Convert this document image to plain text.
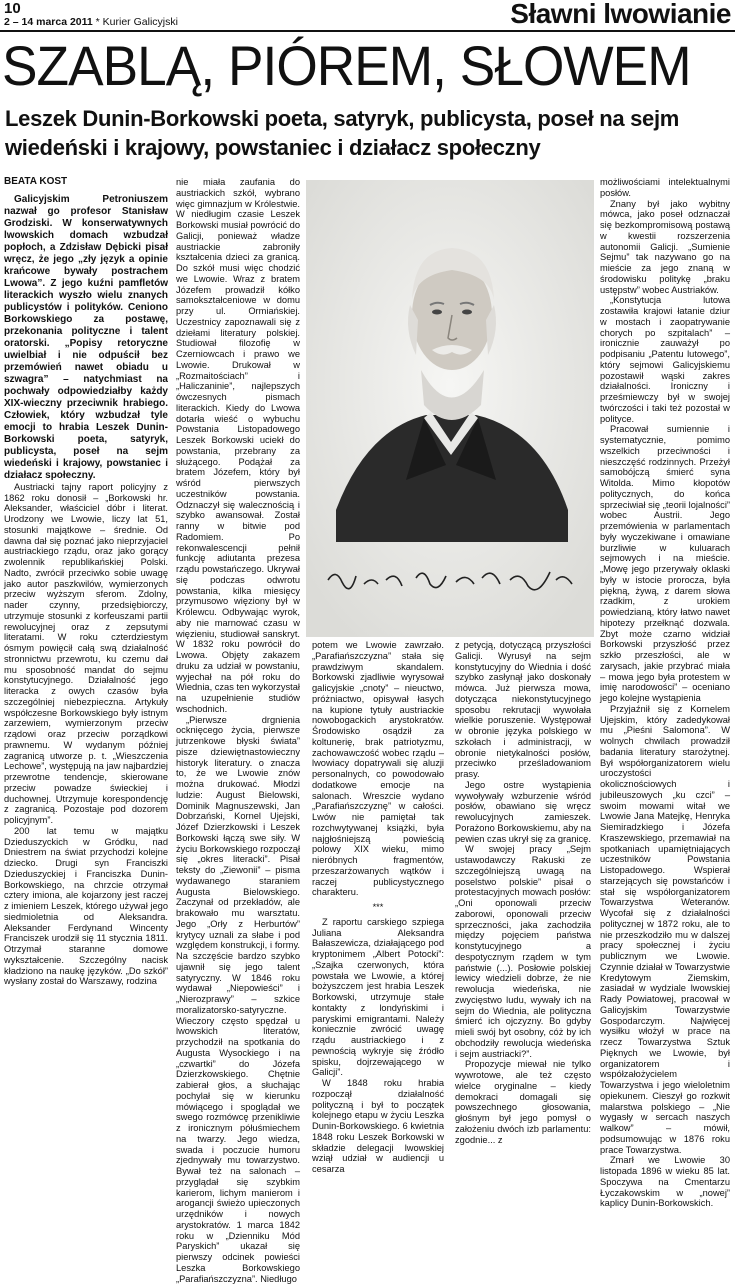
10
2 – 14 marca 2011 * Kurier Galicyjski	Sławni lwowianie
SZABLĄ, PIÓREM, SŁOWEM
Leszek Dunin-Borkowski poeta, satyryk, publicysta, poseł na sejm wiedeński i krajowy, powstaniec i działacz społeczny

BEATA KOST

Galicyjskim Petroniuszem nazwał go profesor Stanisław Grodziski. W konserwatywnych lwowskich domach wzbudzał popłoch, a Zdzisław Dębicki pisał wręcz, że jego „zły język a opinie krańcowe bywały postrachem Lwowa”. Z jego kuźni pamfletów literackich wyszło wielu znanych publicystów i polityków. Ceniono Borkowskiego za postawę, przekonania polityczne i talent oratorski. „Popisy retoryczne uwielbiał i nie odpuścił bez przemówień nawet obiadu u szwagra” – natychmiast na pochwały odpowiedziałby każdy XIX-wieczny przeciwnik hrabiego. Człowiek, który wzbudzał tyle emocji to hrabia Leszek Dunin-Borkowski poeta, satyryk, publicysta, poseł na sejm wiedeński i krajowy, powstaniec i działacz społeczny.

Austriacki tajny raport policyjny z 1862 roku donosił – „Borkowski hr. Aleksander, właściciel dóbr i literat. Urodzony we Lwowie, liczy lat 51, stosunki majątkowe – średnie. Od dawna dał się poznać jako nieprzyjaciel austriackiego rządu, oraz jako gorący zwolennik republikańskiej Polski. Nadto, zwrócił przeciwko sobie uwagę jako autor paszkwilów, wymierzonych przeciw wyższym sferom. Zdolny, nader czynny, przedsiębiorczy, utrzymuje stosunki z korfeuszami partii rewolucyjnej oraz z zepsutymi literatami. W roku czterdziestym ósmym powięcił całą swą działalność stronnictwu przewrotu, ku czemu dał mu sposobność mandat do sejmu konstytucyjnego. Działalność jego literacka z owych czasów była szczególniej niebezpieczna. Artykuły współczesne Borkowskiego były istnym zarzewiem, wymierzonym przeciw rządowi oraz przeciw porządkowi prawnemu. W wydanym później zagranicą utworze p. t. „Wieszczenia Lechowe”, występują na jaw najbardziej przewrotne tendencje, skierowane przeciw powadze świeckiej i duchownej. Utrzymuje korespondencję z zagranicą. Pozostaje pod dozorem policyjnym”.

200 lat temu w majątku Dzieduszyckich w Gródku, nad Dniestrem na świat przychodzi kolejne dziecko. Drugi syn Franciszki Dzieduszyckiej i Franciszka Dunin-Borkowskiego, na chrzcie otrzymał cztery imiona, ale kojarzony jest raczej z imieniem Leszek, którego używał jego siedmioletnia od Aleksandra. Aleksander Ferdynand Wincenty Franciszek urodził się 11 stycznia 1811. Otrzymał staranne domowe wykształcenie. Szczególny nacisk kładziono na naukę języków. „Do szkół” wysłany został do Warszawy, rodzina

nie miała zaufania do austriackich szkół, wybrano więc gimnazjum w Królestwie. W niedługim czasie Leszek Borkowski musiał powrócić do Galicji, ponieważ władze austriackie zabroniły kształcenia dzieci za granicą. Do szkół musi więc chodzić we Lwowie. Wraz z bratem Józefem prowadził kółko samokształceniowe w domu przy ul. Ormiańskiej. Uczestnicy zapoznawali się z dziełami literatury polskiej. Studiował filozofię w Czerniowcach i prawo we Lwowie. Drukował w „Rozmaitościach” i „Haliczaninie”, najlepszych ówczesnych pismach literackich. Kiedy do Lwowa dotarła wieść o wybuchu Powstania Listopadowego Leszek Borkowski uciekł do powstania, przebrany za służącego. Podążał za bratem Józefem, który był wśród pierwszych uczestników powstania. Odznaczył się walecznością i szybko awansował. Został ranny w bitwie pod Radomiem. Po rekonwalescencji pełnił funkcję adiutanta prezesa rządu powstańczego. Ukrywał się podczas odwrotu powstania, kilka miesięcy przymusowo więziony był w Królewcu. Odbywając wyrok, aby nie marnować czasu w więzieniu, studiował sanskryt. W 1832 roku powrócił do Lwowa. Objęty zakazem druku za udział w powstaniu, wyjechał na pół roku do Wiednia, czas ten wykorzystał na uzupełnienie studiów wschodnich.

„Pierwsze drgnienia ocknięcego życia, pierwsze jutrzenkowe błyski świata” pisze dziewiętnastowieczny historyk literatury. o znacza to, że we Lwowie znów można drukować. Młodzi ludzie: August Bielowski, Dominik Magnuszewski, Jan Dobrzański, Kornel Ujejski, Józef Dzierzkowski i Leszek Borkowski łączą swe siły. W życiu Borkowskiego rozpoczął się „okres literacki”. Pisał teksty do „Ziewonii” – pisma wydawanego staraniem Augusta Bielowskiego. Zaczynał od przekładów, ale brakowało mu warsztatu. Jego „Orły z Herburtów” krytycy uznali za słabe i pod względem konstrukcji, i formy. Na szczęście bardzo szybko ujawnił się jego talent satyryczny. W 1846 roku wydawał „Niepowieści” i „Nierozprawy” – szkice moralizatorsko-satyryczne. Wieczory często spędzał u lwowskich literatów, przychodził na spotkania do Augusta Wysockiego i na „czwartki” do Józefa Dzierzkowskiego. Chętnie zabierał głos, a słuchając pochylał się w kierunku mówiącego i spoglądał we swego rozmówcę przenikliwie z ironicznym półuśmiechem na twarzy. Jego wiedza, swada i poczucie humoru zjednywały mu towarzystwo. Bywał też na salonach – przyglądał się szybkim karierom, lichym manierom i arogancji świeżo upieczonych urzędników i nowych arystokratów. 1 marca 1842 roku w „Dzienniku Mód Paryskich” ukazał się pierwszy odcinek powieści Leszka Borkowskiego „Parafiańszczyzna”. Niedługo

potem we Lwowie zawrzało. „Parafiańszczyzna” stała się prawdziwym skandalem. Borkowski zjadliwie wyrysował galicyjskie „cnoty” – nieuctwo, próżniactwo, opisywał łasych na kupione tytuły austriackie nowobogackich arystokratów. Środowisko osądził za koltunerię, brak patriotyzmu, zachowawczość wobec rządu – lwowiacy dopatrywali się aluzji personalnych, co powodowało dodatkowe emocje na salonach. Wreszcie wydano „Parafiańszczyznę” w całości. Lwów nie pamiętał tak rozchwytywanej książki, była najgłośniejszą powieścią polowy XIX wieku, mimo nieróbnych fragmentów, przeszarżowanych wątków i raczej publicystycznego charakteru.

***

Z raportu carskiego szpiega Juliana Aleksandra Bałaszewicza, działającego pod kryptonimem „Albert Potocki”: „Szajka czerwonych, która powstała we Lwowie, a której bożyszczem jest hrabia Leszek Borkowski, utrzymuje stałe kontakty z londyńskimi i paryskimi emigrantami. Należy koniecznie zwrócić uwagę rządu austriackiego i z pewnością wykryje się źródło spisku, dojrzewającego w Galicji”.

W 1848 roku hrabia rozpoczął działalność polityczną i był to początek kolejnego etapu w życiu Leszka Dunin-Borkowskiego. 6 kwietnia 1848 roku Leszek Borkowski w składzie delegacji lwowskiej wziął udział w audiencji u cesarza

z petycją, dotyczącą przyszłości Galicji. Wyrusył na sejm konstytucyjny do Wiednia i dość szybko zasłynął jako doskonały mówca. Już pierwsza mowa, dotycząca niekonstytucyjnego sposobu rekrutacji wywołała wielkie poruszenie. Występował w obronie języka polskiego w szkołach i administracji, w obronie nietykalności posłów, przeciwko prześladowaniom prasy.

Jego ostre wystąpienia wywoływały wzburzenie wśród posłów, obawiano się wręcz rewolucyjnych zamieszek. Porażono Borkowskiemu, aby na pewien czas ukrył się za granicę.

W swojej pracy „Sejm ustawodawczy Rakuski ze szczególniejszą uwagą na poselstwo polskie” pisał o protestacyjnych mowach posłów: „Oni oponowali przeciw zaborowi, oponowali przeciw sprzeczności, jaka zachodziła między pojęciem państwa konstytucyjnego a despotycznym rządem w tym państwie (...). Posłowie polskiej lewicy wiedzieli dobrze, że nie rewolucja wiedeńska, nie zwycięstwo ludu, wywały ich na sejm do Wiednia, ale polityczna śmierć ich ojczyzny. Bo gdyby mieli swój byt osobny, cóż by ich obchodziły rewolucja wiedeńska i sejm austriacki?”.

Propozycje miewał nie tylko wywrotowe, ale też często wielce oryginalne – kiedy demokraci domagali się powszechnego głosowania, głośnym był jego pomysł o założeniu dwóch izb parlamentu: zgodnie... z

możliwościami intelektualnymi posłów.

Znany był jako wybitny mówca, jako poseł odznaczał się bezkompromisową postawą w kwestii rozszerzenia autonomii Galicji. „Sumienie Sejmu” tak nazywano go na mieście za jego znaną w środowisku politykę „braku ustępstw” wobec Austriaków.

„Konstytucja lutowa zostawiła krajowi łatanie dziur w mostach i zaopatrywanie chorych po szpitalach” – ironicznie zauważył po podpisaniu „Patentu lutowego”, który sejmowi Galicyjskiemu pozostawił wąski zakres działalności. Ironiczny i prześmiewczy był w swojej twórczości i taki też pozostał w polityce.

Pracował sumiennie i systematycznie, pomimo wszelkich przeciwności i nieszczęść rodzinnych. Przeżył samobójczą śmierć syna Witolda. Mimo kłopotów politycznych, do końca sprzeciwiał się „teorii lojalności” wobec Austrii. Jego przemówienia w parlamentach były wyczekiwane i omawiane burzliwie w kuluarach sejmowych i na mieście. „Mowę jego przerywały oklaski były w istocie prorocza, była piękną, żywą, z darem słowa rzadkim, z urokiem powiedzianą, który łatwo nawet hipotezy przełknąć dozwala. Zbyt może czarno widział Borkowski przyszłość przez szkło przeszłości, ale w zarysach, jakie przybrać miała – mowa jego była protestem w imię narodowości” – oceniano jego kolejne wystąpienia

Przyjaźnił się z Kornelem Ujejskim, który zadedykował mu „Pieśni Salomona”. W wolnych chwilach prowadził badania literatury starożytnej. Był współorganizatorem wielu uroczystości okolicznościowych i jubileuszowych „ku czci” – swoim mowami witał we Lwowie Jana Matejkę, Henryka Siemiradzkiego i Józefa Kraszewskiego, przemawiał na spotkaniach upamiętniających uczestników Powstania Listopadowego. Wspierał starzejących się powstańców i stał się współorganizatorem Towarzystwa Weteranów. Wycofał się z działalności politycznej w 1872 roku, ale to nie przeszkodziło mu w dalszej pracy społecznej i życiu publicznym we Lwowie. Czynnie działał w Towarzystwie Kredytowym Ziemskim, zasiadał w wydziale lwowskiej Rady Powiatowej, pracował w Galicyjskim Towarzystwie Gospodarczym. Najwięcej wysiłku włożył w prace na rzecz Towarzystwa Sztuk Pięknych we Lwowie, był organizatorem i współzałożycielem Towarzystwa i jego wieloletnim opiekunem. Cieszył go rozkwit malarstwa polskiego – „Nie wygasły w sercach naszych walkow” – mówił, podsumowując w 1876 roku prace Towarzystwa.

Zmarł we Lwowie 30 listopada 1896 w wieku 85 lat. Spoczywa na Cmentarzu Łyczakowskim w „nowej” kaplicy Dunin-Borkowskich.
